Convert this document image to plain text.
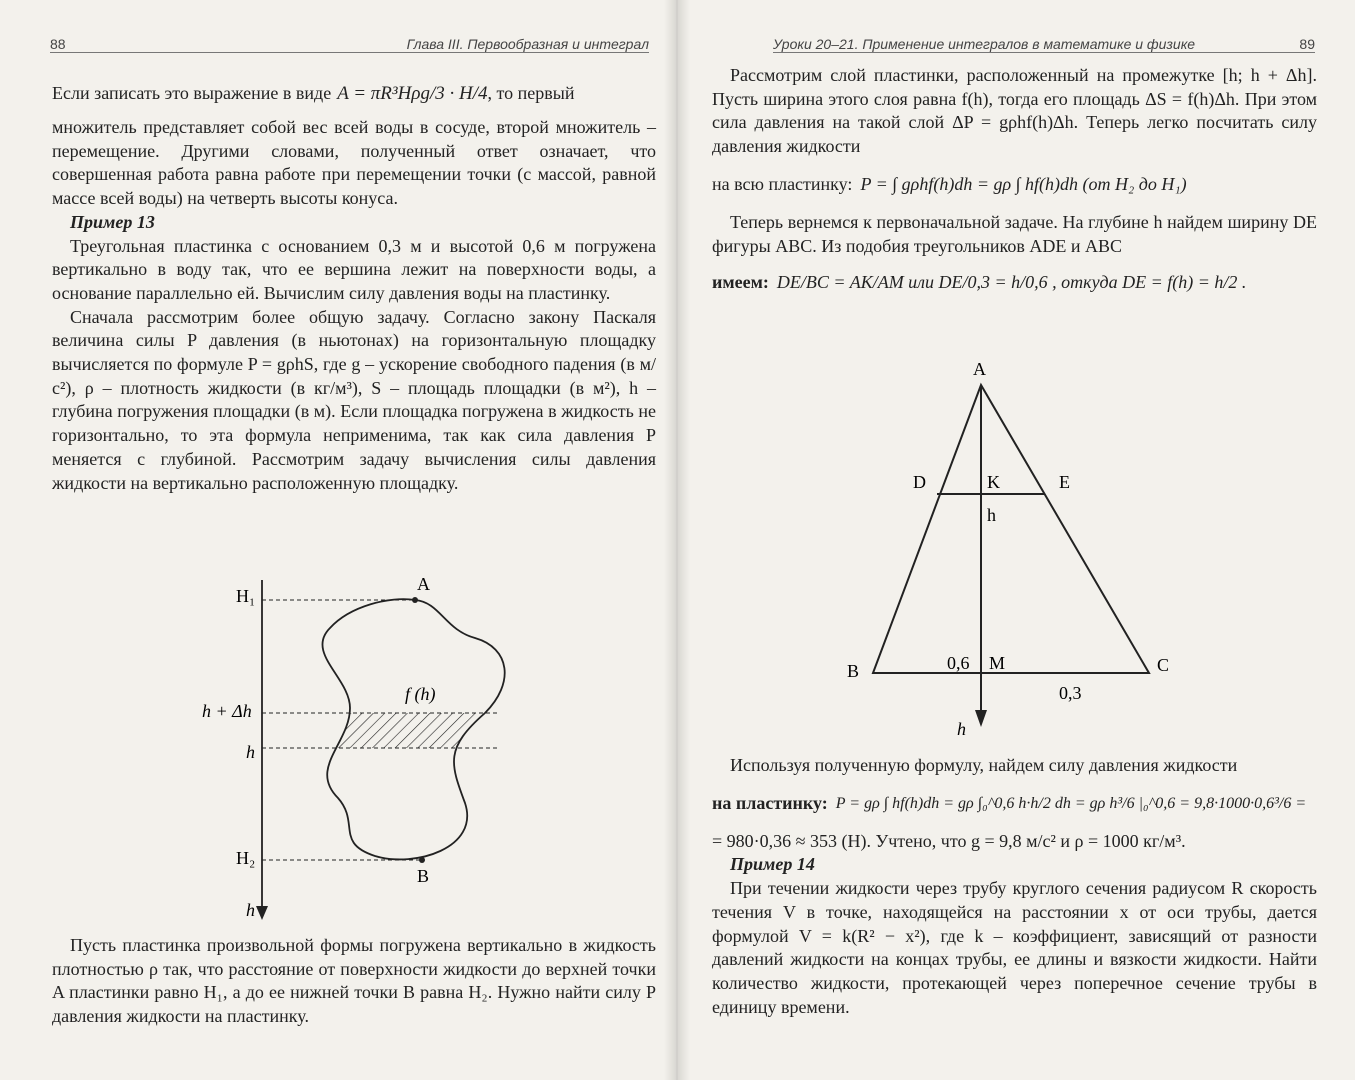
88	Глава III. Первообразная и интеграл
Если записать это выражение в виде A = πR³Hρg/3 · H/4 , то первый

множитель представляет собой вес всей воды в сосуде, второй множитель – перемещение. Другими словами, полученный ответ означает, что совершенная работа равна работе при перемещении точки (с массой, равной массе всей воды) на четверть высоты конуса.

Пример 13

Треугольная пластинка с основанием 0,3 м и высотой 0,6 м погружена вертикально в воду так, что ее вершина лежит на поверхности воды, а основание параллельно ей. Вычислим силу давления воды на пластинку.

Сначала рассмотрим более общую задачу. Согласно закону Паскаля величина силы P давления (в ньютонах) на горизонтальную площадку вычисляется по формуле P = gρhS, где g – ускорение свободного падения (в м/с²), ρ – плотность жидкости (в кг/м³), S – площадь площадки (в м²), h – глубина погружения площадки (в м). Если площадка погружена в жидкость не горизонтально, то эта формула неприменима, так как сила давления P меняется с глубиной. Рассмотрим задачу вычисления силы давления жидкости на вертикально расположенную площадку.

H₁
A
f (h)
h + Δh
h
H₂
B
h

Пусть пластинка произвольной формы погружена вертикально в жидкость плотностью ρ так, что расстояние от поверхности жидкости до верхней точки A пластинки равно H₁, а до ее нижней точки B равна H₂. Нужно найти силу P давления жидкости на пластинку.

Уроки 20–21. Применение интегралов в математике и физике	89

Рассмотрим слой пластинки, расположенный на промежутке [h; h + Δh]. Пусть ширина этого слоя равна f(h), тогда его площадь ΔS = f(h)Δh. При этом сила давления на такой слой ΔP = gρhf(h)Δh. Теперь легко посчитать силу давления жидкости

на всю пластинку: P = ∫ gρhf(h)dh = gρ ∫ hf(h)dh (от H₂ до H₁)

Теперь вернемся к первоначальной задаче. На глубине h найдем ширину DE фигуры ABC. Из подобия треугольников ADE и ABC

имеем: DE/BC = AK/AM или DE/0,3 = h/0,6 , откуда DE = f(h) = h/2 .
A
D	K	E
h
B	0,6 M	C
0,3
h

Используя полученную формулу, найдем силу давления жидкости

на пластинку: P = gρ ∫ hf(h)dh = gρ ∫₀^0,6 h·h/2 dh = gρ h³/6 |₀^0,6 = 9,8·1000·0,6³/6 =

= 980·0,36 ≈ 353 (Н). Учтено, что g = 9,8 м/с² и ρ = 1000 кг/м³.

Пример 14

При течении жидкости через трубу круглого сечения радиусом R скорость течения V в точке, находящейся на расстоянии x от оси трубы, дается формулой V = k(R² − x²), где k – коэффициент, зависящий от разности давлений жидкости на концах трубы, ее длины и вязкости жидкости. Найти количество жидкости, протекающей через поперечное сечение трубы в единицу времени.
